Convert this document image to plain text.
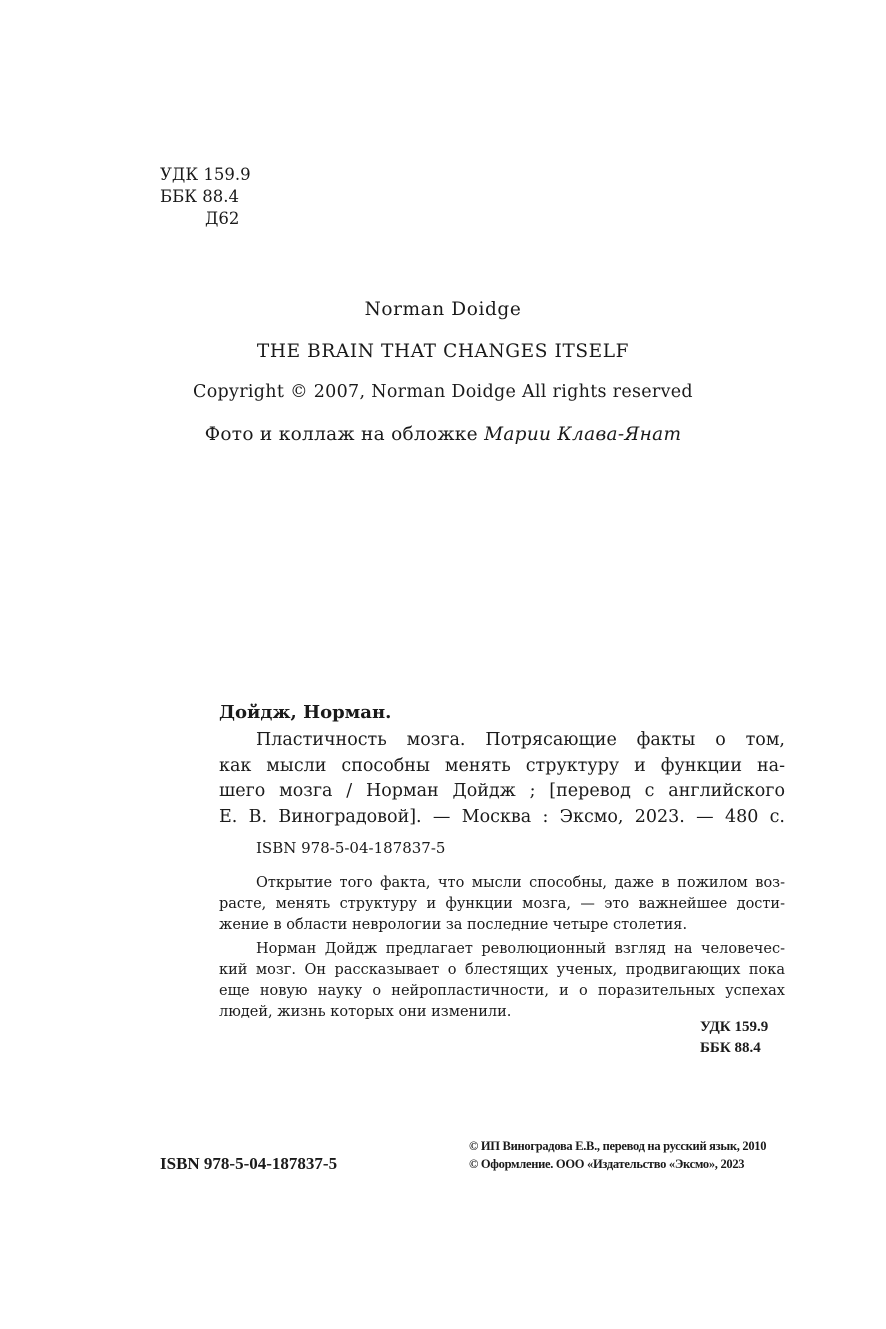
УДК 159.9
ББК 88.4
Д62
Norman Doidge
THE BRAIN THAT CHANGES ITSELF
Copyright © 2007, Norman Doidge All rights reserved
Фото и коллаж на обложке Марии Клава-Янат
Дойдж, Норман.
Пластичность мозга. Потрясающие факты о том,
как мысли способны менять структуру и функции на-
шего мозга / Норман Дойдж ; [перевод с английского
Е. В. Виноградовой]. — Москва : Эксмо, 2023. — 480 с.
ISBN 978-5-04-187837-5
Открытие того факта, что мысли способны, даже в пожилом воз-
расте, менять структуру и функции мозга, — это важнейшее дости-
жение в области неврологии за последние четыре столетия.
Норман Дойдж предлагает революционный взгляд на человечес-
кий мозг. Он рассказывает о блестящих ученых, продвигающих пока
еще новую науку о нейропластичности, и о поразительных успехах
людей, жизнь которых они изменили.
УДК 159.9
ББК 88.4
ISBN 978-5-04-187837-5
© ИП Виноградова Е.В., перевод на русский язык, 2010
© Оформление. ООО «Издательство «Эксмо», 2023
